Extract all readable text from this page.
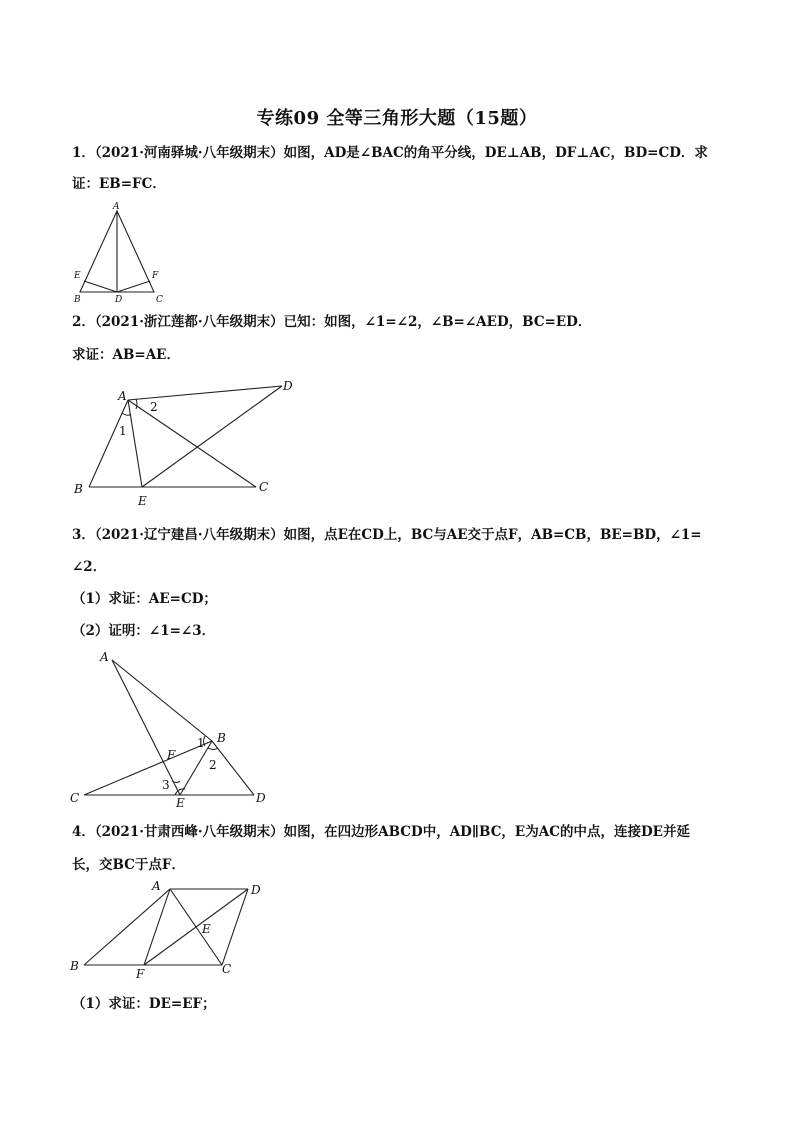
专练09 全等三角形大题（15题）
1．（2021·河南驿城·八年级期末）如图，AD是∠BAC的角平分线，DE⊥AB，DF⊥AC，BD=CD．求
证：EB=FC．
A
B	C
D
E	F
2．（2021·浙江莲都·八年级期末）已知：如图，∠1=∠2，∠B=∠AED，BC=ED．
求证：AB=AE．
A
B	C
D
E
1
2
3．（2021·辽宁建昌·八年级期末）如图，点E在CD上，BC与AE交于点F，AB=CB，BE=BD，∠1=
∠2．
（1）求证：AE=CD；
（2）证明：∠1=∠3．
A
B
C	D
E
F
1
2
3
4．（2021·甘肃西峰·八年级期末）如图，在四边形ABCD中，AD∥BC，E为AC的中点，连接DE并延
长，交BC于点F．
A
B	C
D
E
F
（1）求证：DE=EF；
